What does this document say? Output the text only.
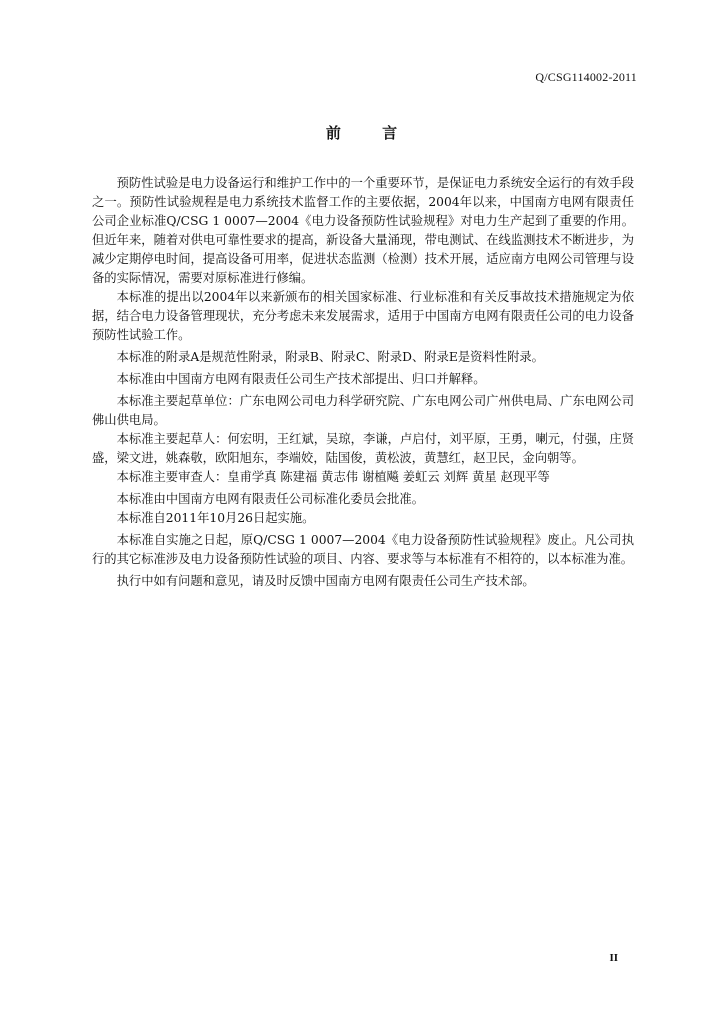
Q/CSG114002-2011
前 言

预防性试验是电力设备运行和维护工作中的一个重要环节，是保证电力系统安全运行的有效手段之一。预防性试验规程是电力系统技术监督工作的主要依据，2004年以来，中国南方电网有限责任公司企业标准Q/CSG 1 0007—2004《电力设备预防性试验规程》对电力生产起到了重要的作用。但近年来，随着对供电可靠性要求的提高，新设备大量涌现，带电测试、在线监测技术不断进步，为减少定期停电时间，提高设备可用率，促进状态监测（检测）技术开展，适应南方电网公司管理与设备的实际情况，需要对原标准进行修编。

本标准的提出以2004年以来新颁布的相关国家标准、行业标准和有关反事故技术措施规定为依据，结合电力设备管理现状，充分考虑未来发展需求，适用于中国南方电网有限责任公司的电力设备预防性试验工作。

本标准的附录A是规范性附录，附录B、附录C、附录D、附录E是资料性附录。

本标准由中国南方电网有限责任公司生产技术部提出、归口并解释。

本标准主要起草单位：广东电网公司电力科学研究院、广东电网公司广州供电局、广东电网公司佛山供电局。

本标准主要起草人：何宏明，王红斌，吴琼，李谦，卢启付，刘平原，王勇，喇元，付强，庄贤盛，梁文进，姚森敬，欧阳旭东，李端姣，陆国俊，黄松波，黄慧红，赵卫民，金向朝等。

本标准主要审查人：皇甫学真 陈建福 黄志伟 谢植飚 姜虹云 刘辉 黄星 赵现平等

本标准由中国南方电网有限责任公司标准化委员会批准。

本标准自2011年10月26日起实施。

本标准自实施之日起，原Q/CSG 1 0007—2004《电力设备预防性试验规程》废止。凡公司执行的其它标准涉及电力设备预防性试验的项目、内容、要求等与本标准有不相符的，以本标准为准。

执行中如有问题和意见，请及时反馈中国南方电网有限责任公司生产技术部。

II
